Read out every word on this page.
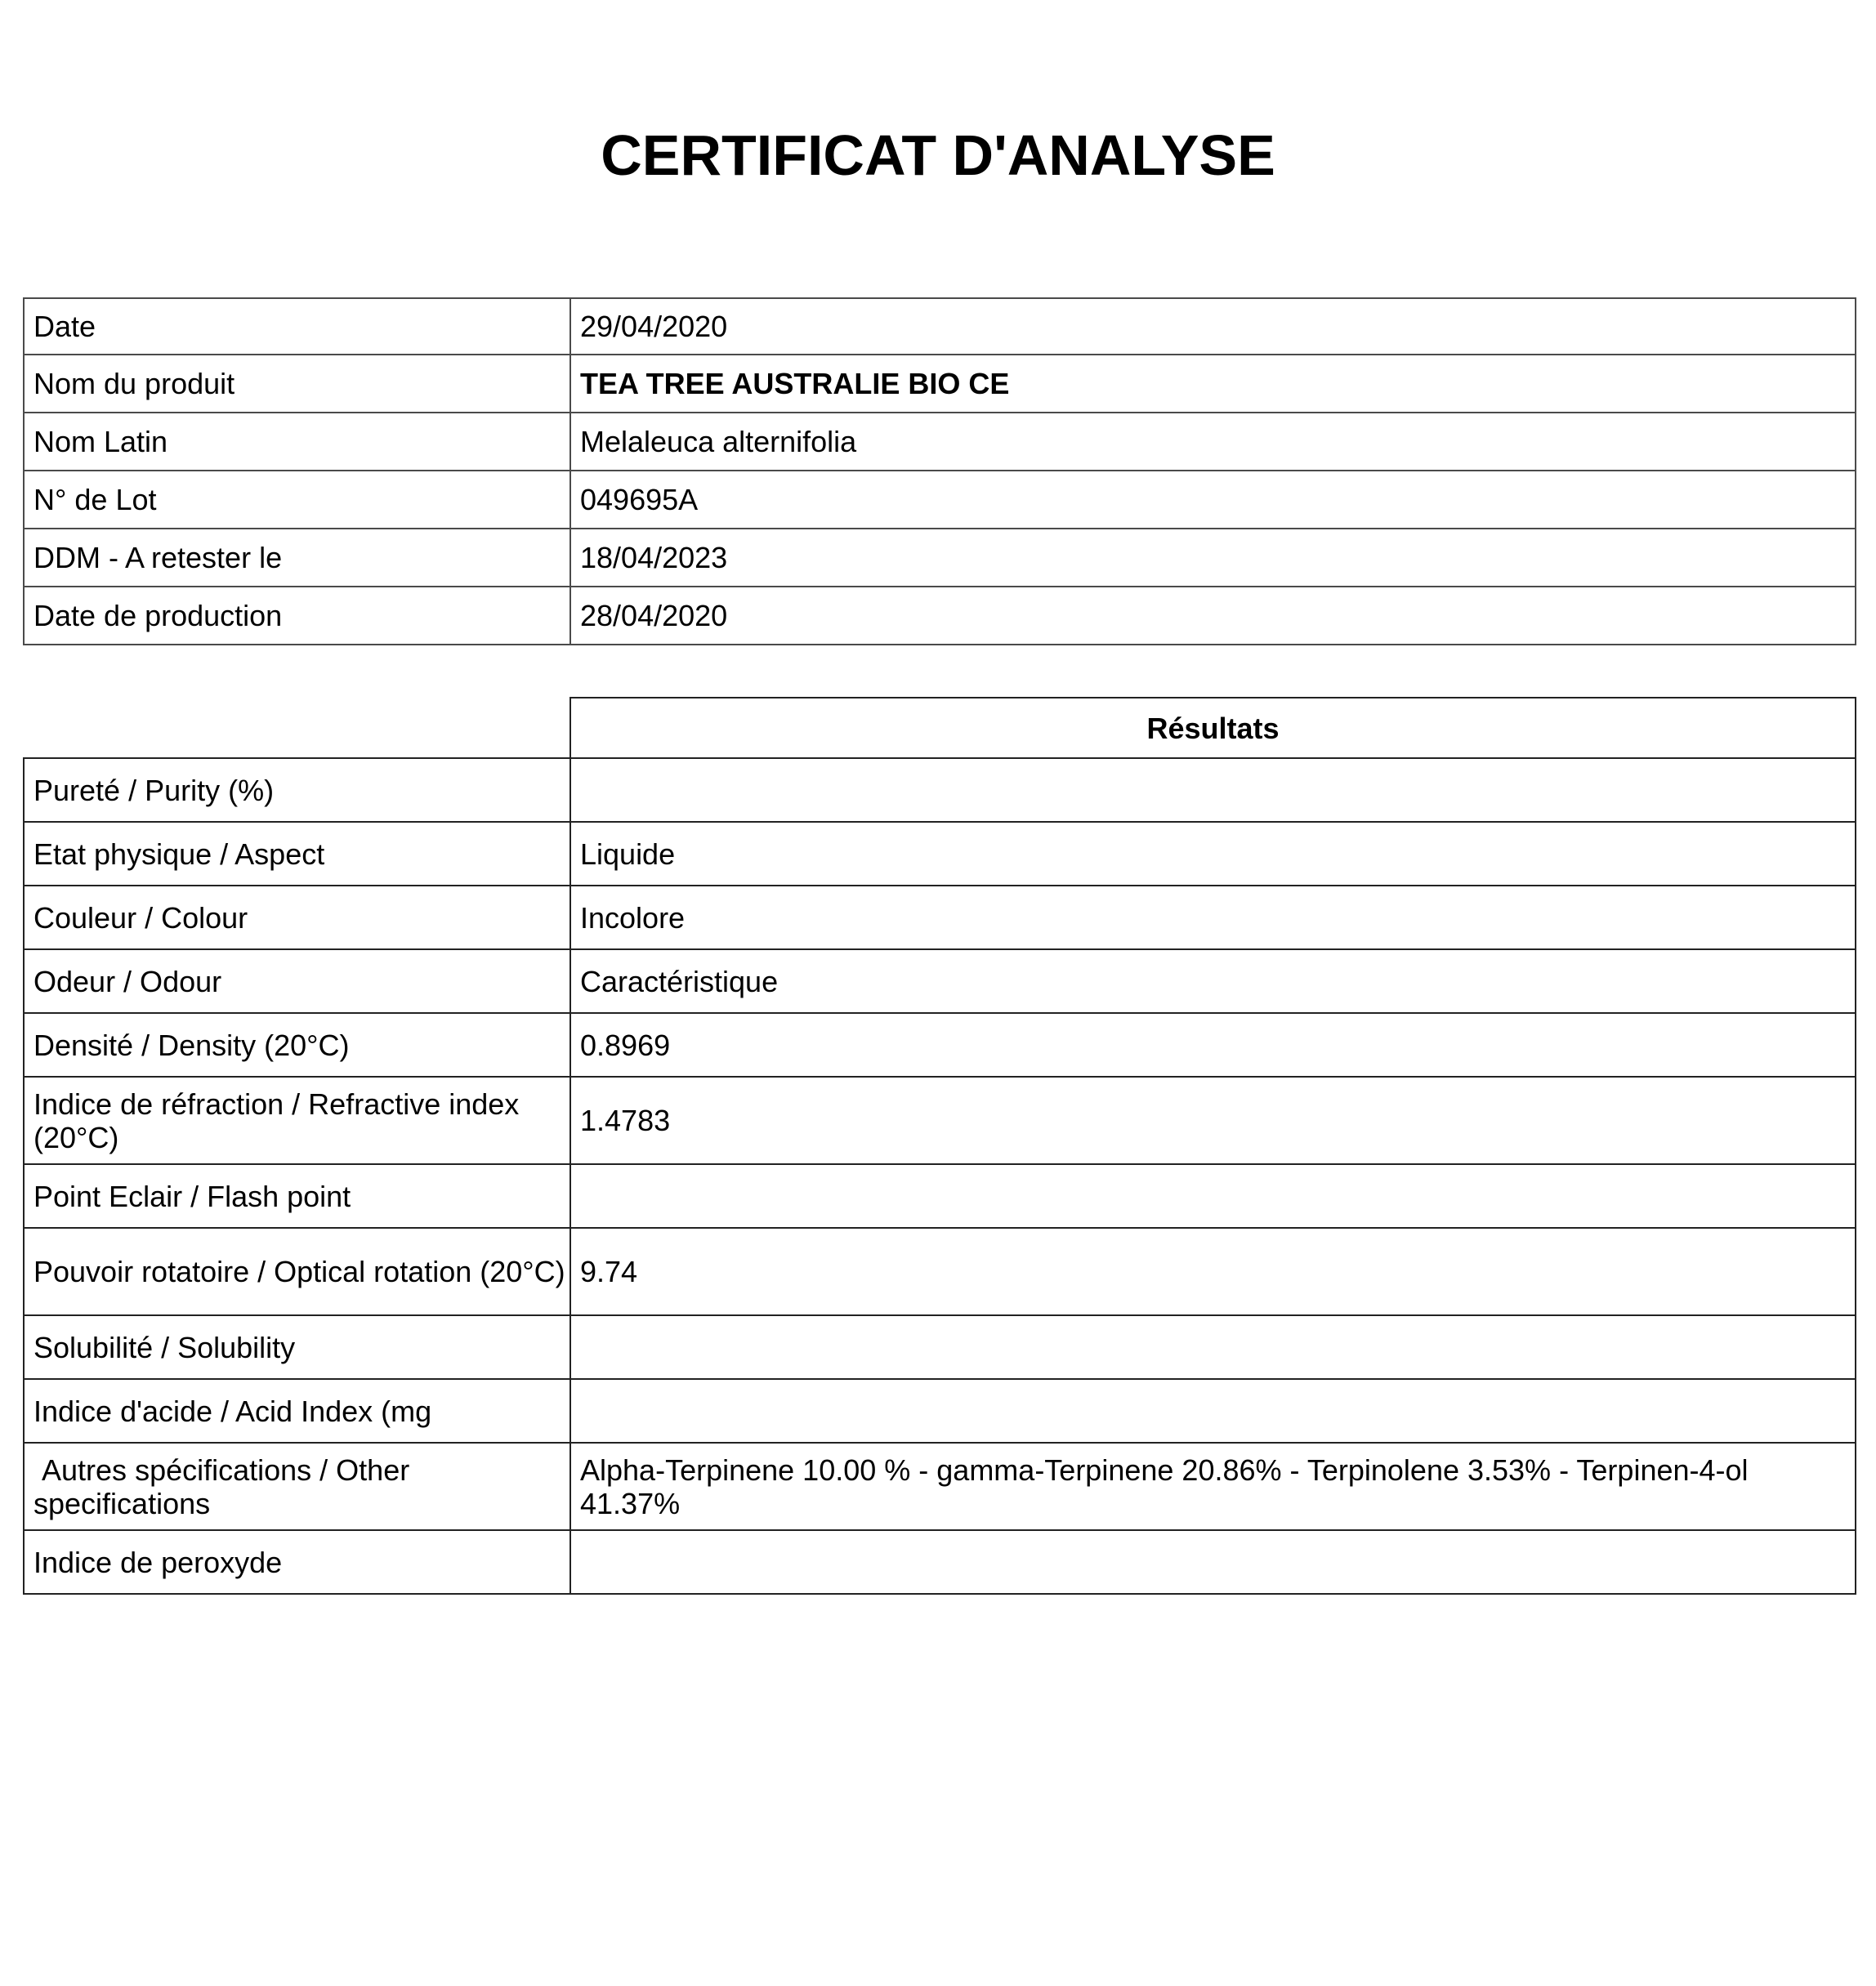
CERTIFICAT D'ANALYSE
Date	29/04/2020
Nom du produit	TEA TREE AUSTRALIE BIO CE
Nom Latin	Melaleuca alternifolia
N° de Lot	049695A
DDM - A retester le	18/04/2023
Date de production	28/04/2020
	Résultats
Pureté / Purity (%)	
Etat physique / Aspect	Liquide
Couleur / Colour	Incolore
Odeur / Odour	Caractéristique
Densité / Density (20°C)	0.8969
Indice de réfraction / Refractive index (20°C)	1.4783
Point Eclair / Flash point	
Pouvoir rotatoire / Optical rotation (20°C)	9.74
Solubilité / Solubility	
Indice d'acide / Acid Index (mg	
Autres spécifications / Other specifications	Alpha-Terpinene 10.00 % - gamma-Terpinene 20.86% - Terpinolene 3.53% - Terpinen-4-ol 41.37%
Indice de peroxyde	
